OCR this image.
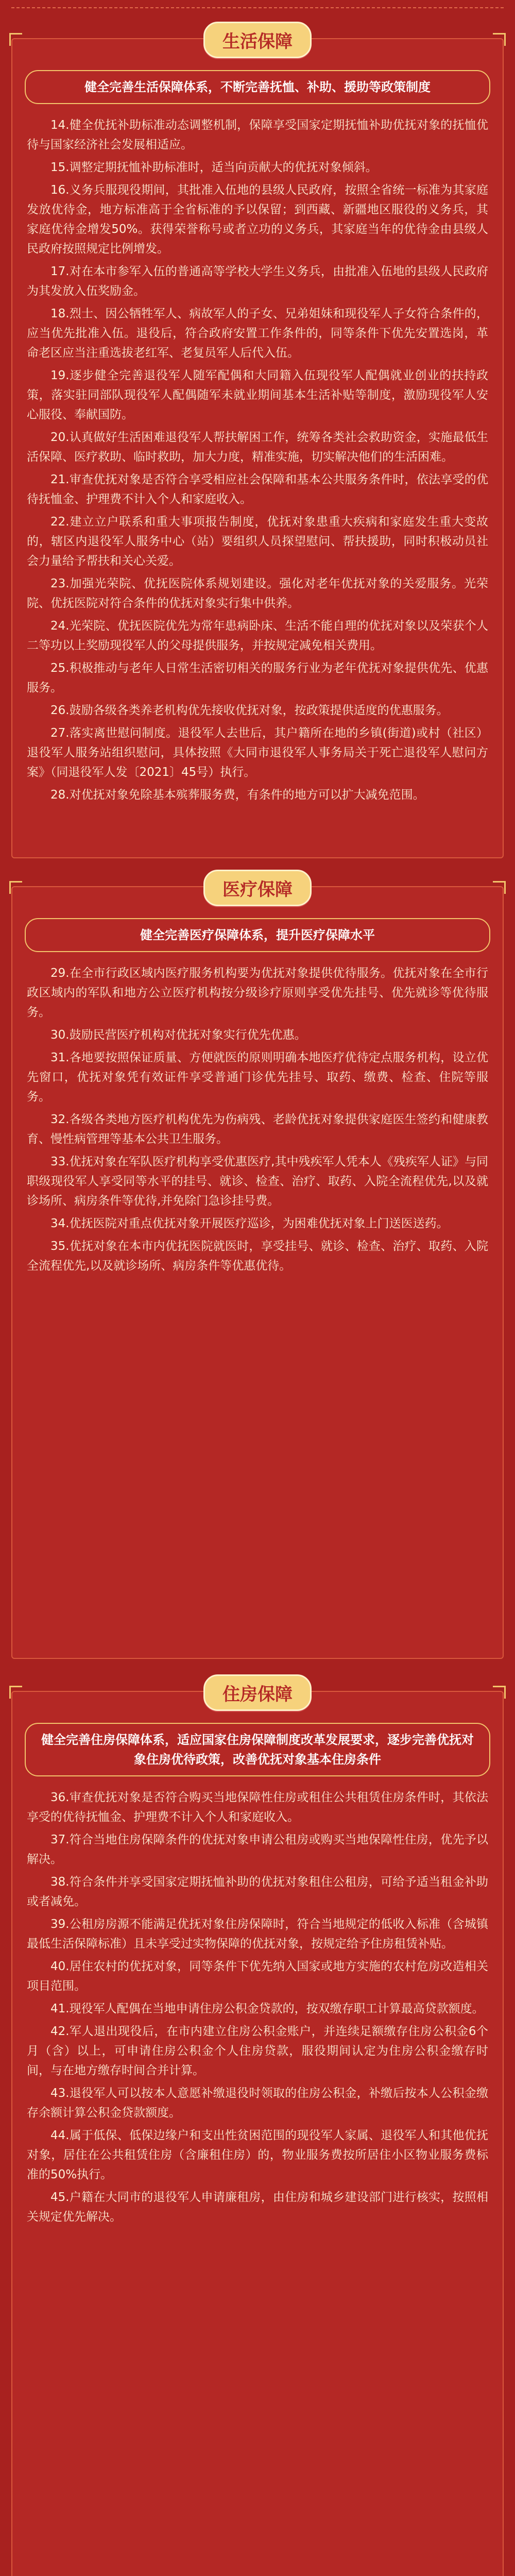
生活保障
健全完善生活保障体系，不断完善抚恤、补助、援助等政策制度

14.健全优抚补助标准动态调整机制，保障享受国家定期抚恤补助优抚对象的抚恤优待与国家经济社会发展相适应。

15.调整定期抚恤补助标准时，适当向贡献大的优抚对象倾斜。

16.义务兵服现役期间，其批准入伍地的县级人民政府，按照全省统一标准为其家庭发放优待金，地方标准高于全省标准的予以保留；到西藏、新疆地区服役的义务兵，其家庭优待金增发50%。获得荣誉称号或者立功的义务兵，其家庭当年的优待金由县级人民政府按照规定比例增发。

17.对在本市参军入伍的普通高等学校大学生义务兵，由批准入伍地的县级人民政府为其发放入伍奖励金。

18.烈士、因公牺牲军人、病故军人的子女、兄弟姐妹和现役军人子女符合条件的，应当优先批准入伍。退役后，符合政府安置工作条件的，同等条件下优先安置选岗，革命老区应当注重选拔老红军、老复员军人后代入伍。

19.逐步健全完善退役军人随军配偶和大同籍入伍现役军人配偶就业创业的扶持政策，落实驻同部队现役军人配偶随军未就业期间基本生活补贴等制度，激励现役军人安心服役、奉献国防。

20.认真做好生活困难退役军人帮扶解困工作，统筹各类社会救助资金，实施最低生活保障、医疗救助、临时救助，加大力度，精准实施，切实解决他们的生活困难。

21.审查优抚对象是否符合享受相应社会保障和基本公共服务条件时，依法享受的优待抚恤金、护理费不计入个人和家庭收入。

22.建立立户联系和重大事项报告制度，优抚对象患重大疾病和家庭发生重大变故的，辖区内退役军人服务中心（站）要组织人员探望慰问、帮扶援助，同时积极动员社会力量给予帮扶和关心关爱。

23.加强光荣院、优抚医院体系规划建设。强化对老年优抚对象的关爱服务。光荣院、优抚医院对符合条件的优抚对象实行集中供养。

24.光荣院、优抚医院优先为常年患病卧床、生活不能自理的优抚对象以及荣获个人二等功以上奖励现役军人的父母提供服务，并按规定减免相关费用。

25.积极推动与老年人日常生活密切相关的服务行业为老年优抚对象提供优先、优惠服务。

26.鼓励各级各类养老机构优先接收优抚对象，按政策提供适度的优惠服务。

27.落实离世慰问制度。退役军人去世后，其户籍所在地的乡镇(街道)或村（社区）退役军人服务站组织慰问，具体按照《大同市退役军人事务局关于死亡退役军人慰问方案》（同退役军人发〔2021〕45号）执行。

28.对优抚对象免除基本殡葬服务费，有条件的地方可以扩大减免范围。

医疗保障
健全完善医疗保障体系，提升医疗保障水平

29.在全市行政区域内医疗服务机构要为优抚对象提供优待服务。优抚对象在全市行政区域内的军队和地方公立医疗机构按分级诊疗原则享受优先挂号、优先就诊等优待服务。

30.鼓励民营医疗机构对优抚对象实行优先优惠。

31.各地要按照保证质量、方便就医的原则明确本地医疗优待定点服务机构，设立优先窗口，优抚对象凭有效证件享受普通门诊优先挂号、取药、缴费、检查、住院等服务。

32.各级各类地方医疗机构优先为伤病残、老龄优抚对象提供家庭医生签约和健康教育、慢性病管理等基本公共卫生服务。

33.优抚对象在军队医疗机构享受优惠医疗,其中残疾军人凭本人《残疾军人证》与同职级现役军人享受同等水平的挂号、就诊、检查、治疗、取药、入院全流程优先,以及就诊场所、病房条件等优待,并免除门急诊挂号费。

34.优抚医院对重点优抚对象开展医疗巡诊，为困难优抚对象上门送医送药。

35.优抚对象在本市内优抚医院就医时，享受挂号、就诊、检查、治疗、取药、入院全流程优先,以及就诊场所、病房条件等优惠优待。

住房保障
健全完善住房保障体系，适应国家住房保障制度改革发展要求，逐步完善优抚对象住房优待政策，改善优抚对象基本住房条件

36.审查优抚对象是否符合购买当地保障性住房或租住公共租赁住房条件时，其依法享受的优待抚恤金、护理费不计入个人和家庭收入。

37.符合当地住房保障条件的优抚对象申请公租房或购买当地保障性住房，优先予以解决。

38.符合条件并享受国家定期抚恤补助的优抚对象租住公租房，可给予适当租金补助或者减免。

39.公租房房源不能满足优抚对象住房保障时，符合当地规定的低收入标准（含城镇最低生活保障标准）且未享受过实物保障的优抚对象，按规定给予住房租赁补贴。

40.居住农村的优抚对象，同等条件下优先纳入国家或地方实施的农村危房改造相关项目范围。

41.现役军人配偶在当地申请住房公积金贷款的，按双缴存职工计算最高贷款额度。

42.军人退出现役后，在市内建立住房公积金账户，并连续足额缴存住房公积金6个月（含）以上，可申请住房公积金个人住房贷款，服役期间认定为住房公积金缴存时间，与在地方缴存时间合并计算。

43.退役军人可以按本人意愿补缴退役时领取的住房公积金，补缴后按本人公积金缴存余额计算公积金贷款额度。

44.属于低保、低保边缘户和支出性贫困范围的现役军人家属、退役军人和其他优抚对象，居住在公共租赁住房（含廉租住房）的，物业服务费按所居住小区物业服务费标准的50%执行。

45.户籍在大同市的退役军人申请廉租房，由住房和城乡建设部门进行核实，按照相关规定优先解决。
